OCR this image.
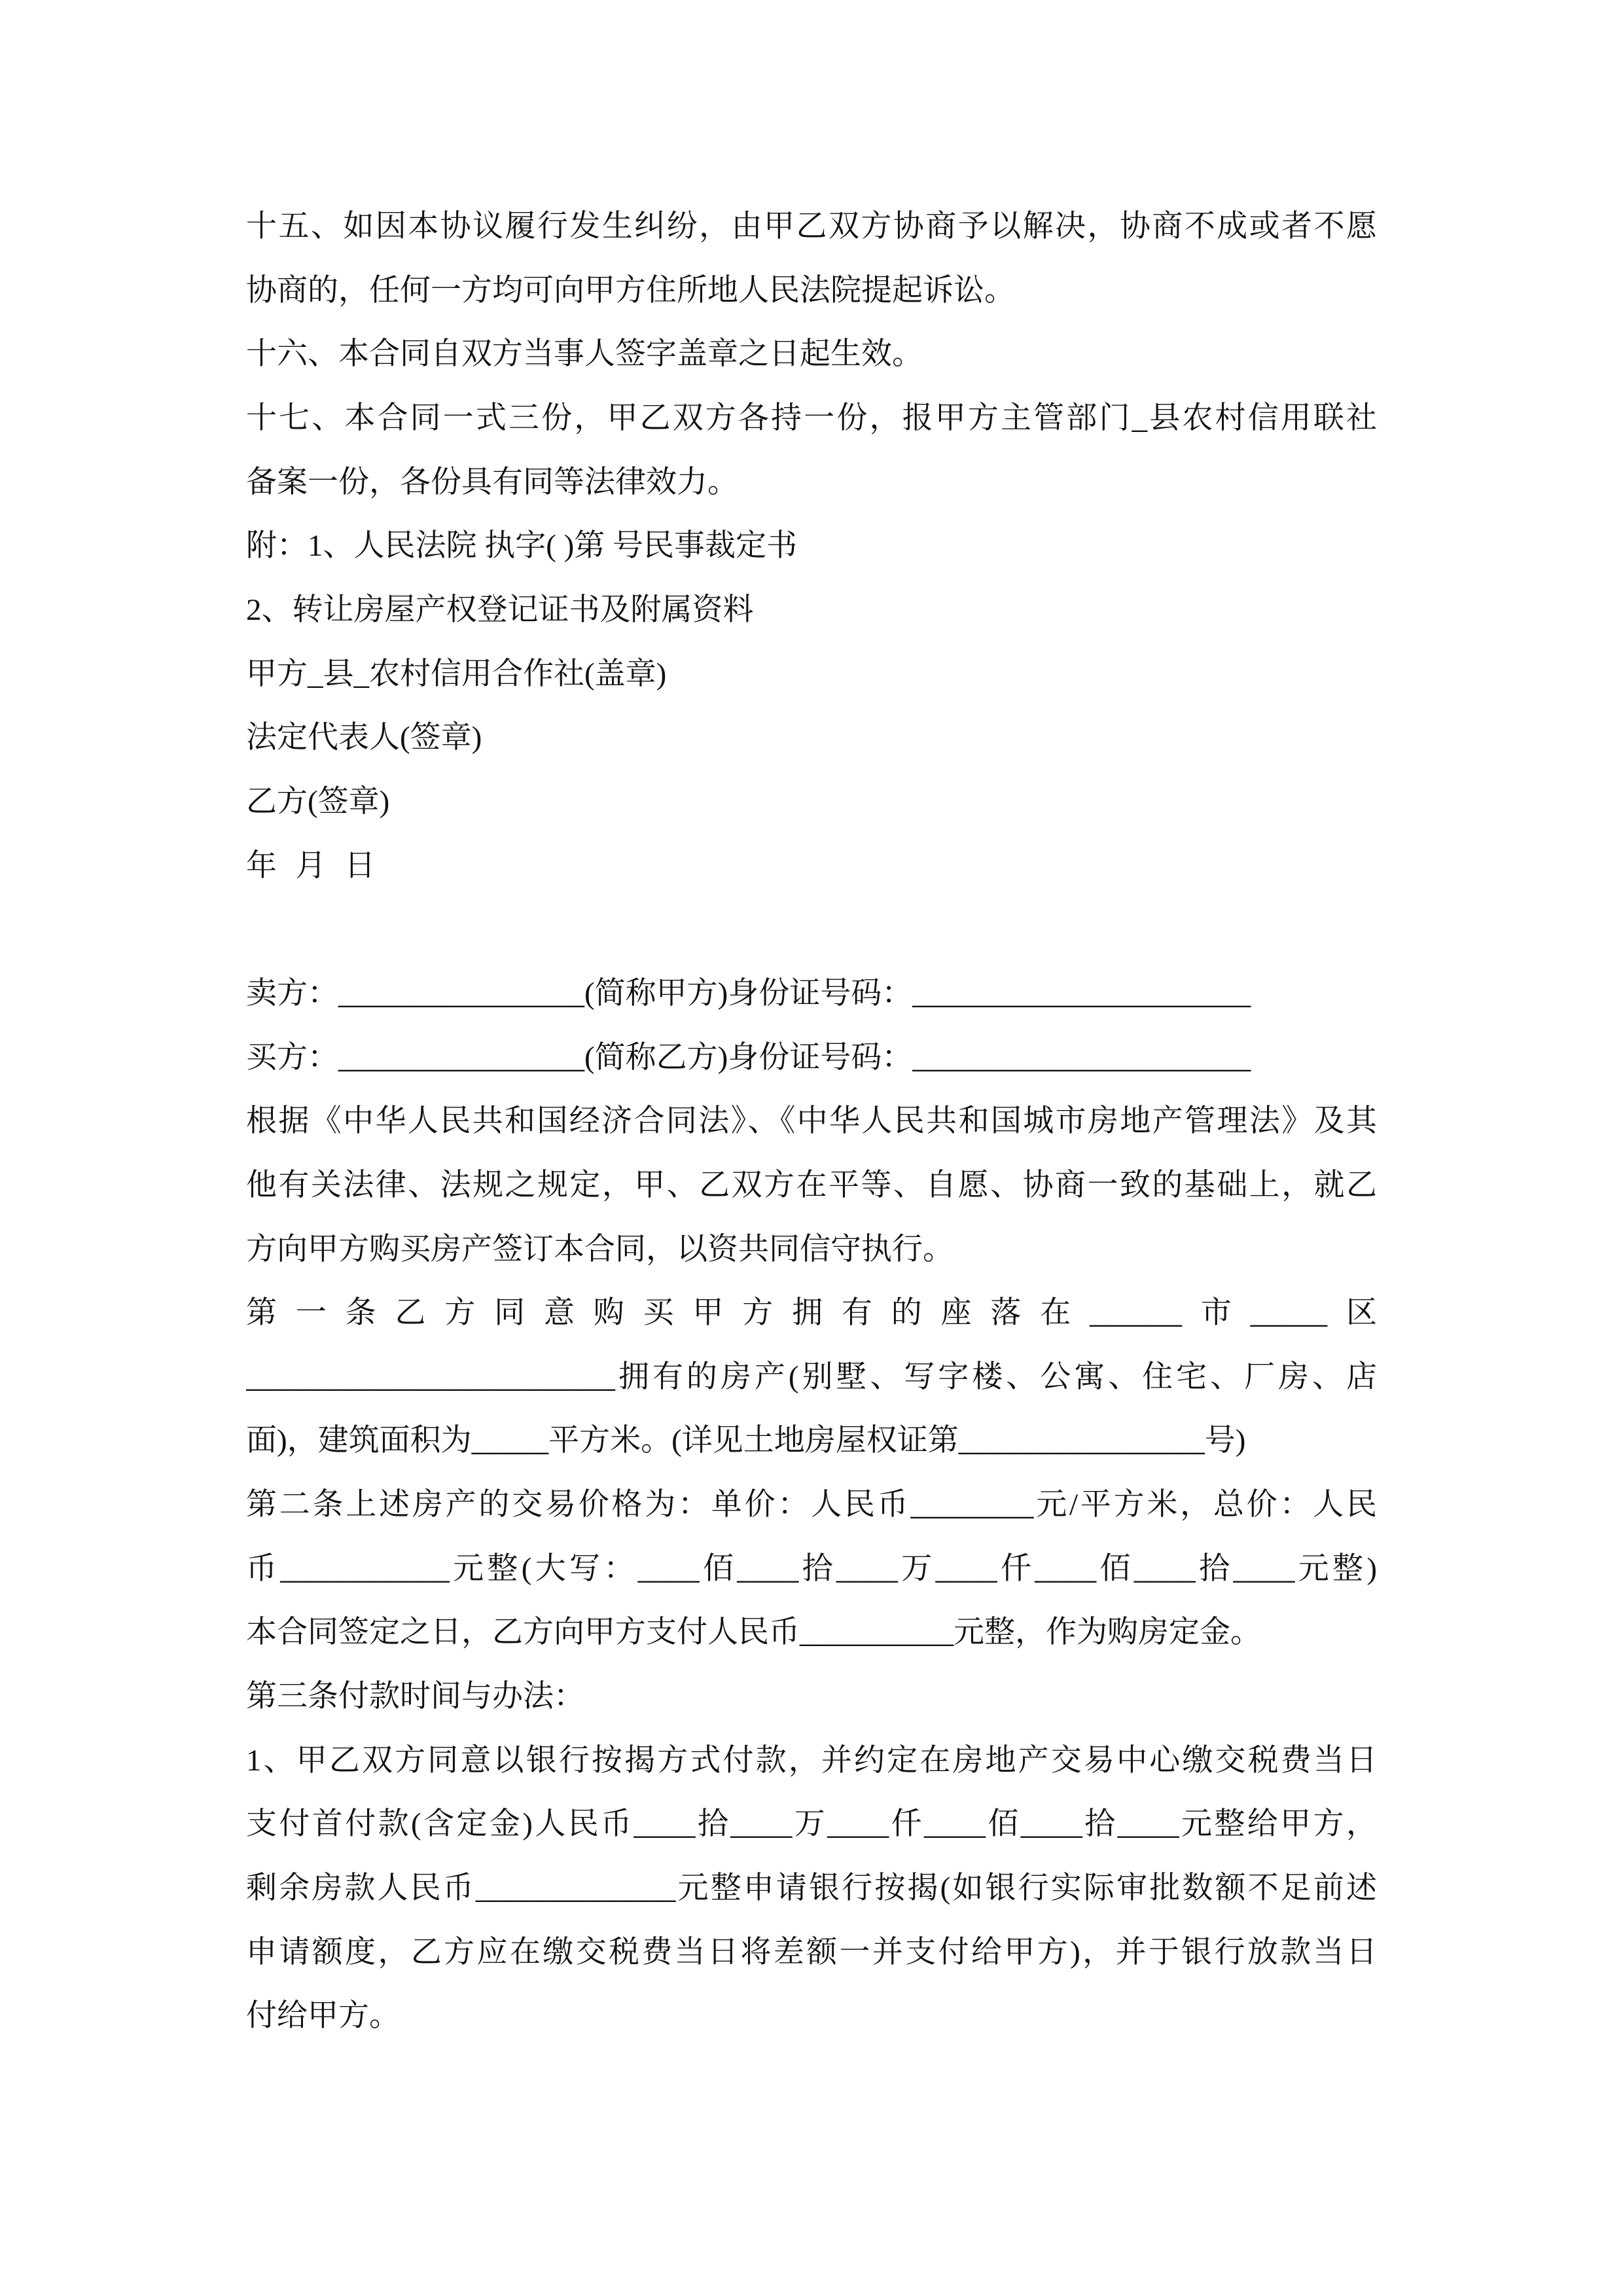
十五、如因本协议履行发生纠纷，由甲乙双方协商予以解决，协商不成或者不愿
协商的，任何一方均可向甲方住所地人民法院提起诉讼。
十六、本合同自双方当事人签字盖章之日起生效。
十七、本合同一式三份，甲乙双方各持一份，报甲方主管部门_县农村信用联社
备案一份，各份具有同等法律效力。
附：1、人民法院 执字( )第 号民事裁定书
2、转让房屋产权登记证书及附属资料
甲方_县_农村信用合作社(盖章)
法定代表人(签章)
乙方(签章)
年 月 日
卖方：________________(简称甲方)身份证号码：______________________
买方：________________(简称乙方)身份证号码：______________________
根据《中华人民共和国经济合同法》、《中华人民共和国城市房地产管理法》及其
他有关法律、法规之规定，甲、乙双方在平等、自愿、协商一致的基础上，就乙
方向甲方购买房产签订本合同，以资共同信守执行。
第一条乙方同意购买甲方拥有的座落在______市_____区
________________________拥有的房产(别墅、写字楼、公寓、住宅、厂房、店
面)，建筑面积为_____平方米。(详见土地房屋权证第________________号)
第二条上述房产的交易价格为：单价：人民币________元/平方米，总价：人民
币___________元整(大写：____佰____拾____万____仟____佰____拾____元整)
本合同签定之日，乙方向甲方支付人民币__________元整，作为购房定金。
第三条付款时间与办法：
1、甲乙双方同意以银行按揭方式付款，并约定在房地产交易中心缴交税费当日
支付首付款(含定金)人民币____拾____万____仟____佰____拾____元整给甲方，
剩余房款人民币_____________元整申请银行按揭(如银行实际审批数额不足前述
申请额度，乙方应在缴交税费当日将差额一并支付给甲方)，并于银行放款当日
付给甲方。
